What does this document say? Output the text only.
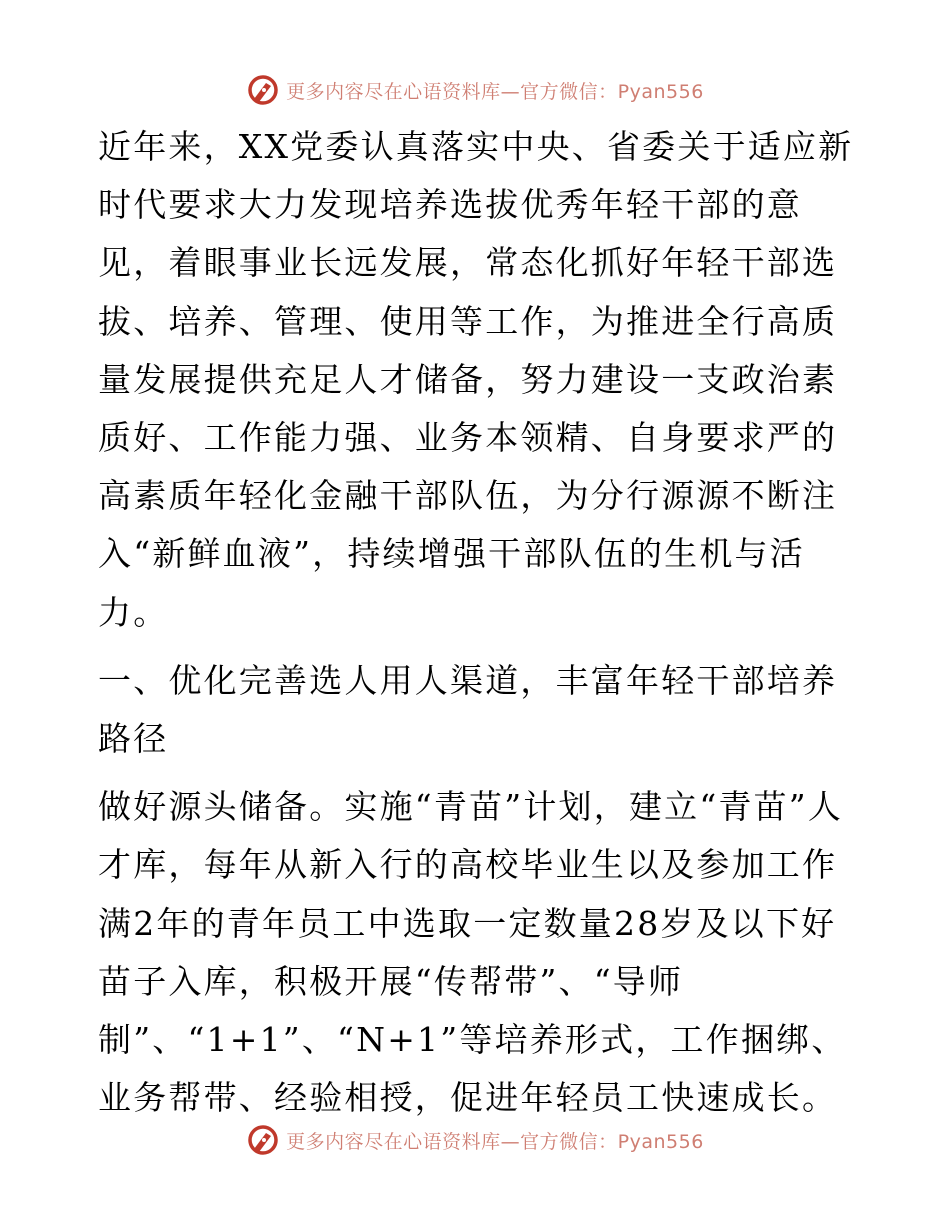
更多内容尽在心语资料库—官方微信：Pyan556

近年来，XX党委认真落实中央、省委关于适应新时代要求大力发现培养选拔优秀年轻干部的意见，着眼事业长远发展，常态化抓好年轻干部选拔、培养、管理、使用等工作，为推进全行高质量发展提供充足人才储备，努力建设一支政治素质好、工作能力强、业务本领精、自身要求严的高素质年轻化金融干部队伍，为分行源源不断注入“新鲜血液”，持续增强干部队伍的生机与活力。

一、优化完善选人用人渠道，丰富年轻干部培养路径

做好源头储备。实施“青苗”计划，建立“青苗”人才库，每年从新入行的高校毕业生以及参加工作满2年的青年员工中选取一定数量28岁及以下好苗子入库，积极开展“传帮带”、“导师制”、“1+1”、“N+1”等培养形式，工作捆绑、业务帮带、经验相授，促进年轻员工快速成长。

更多内容尽在心语资料库—官方微信：Pyan556
